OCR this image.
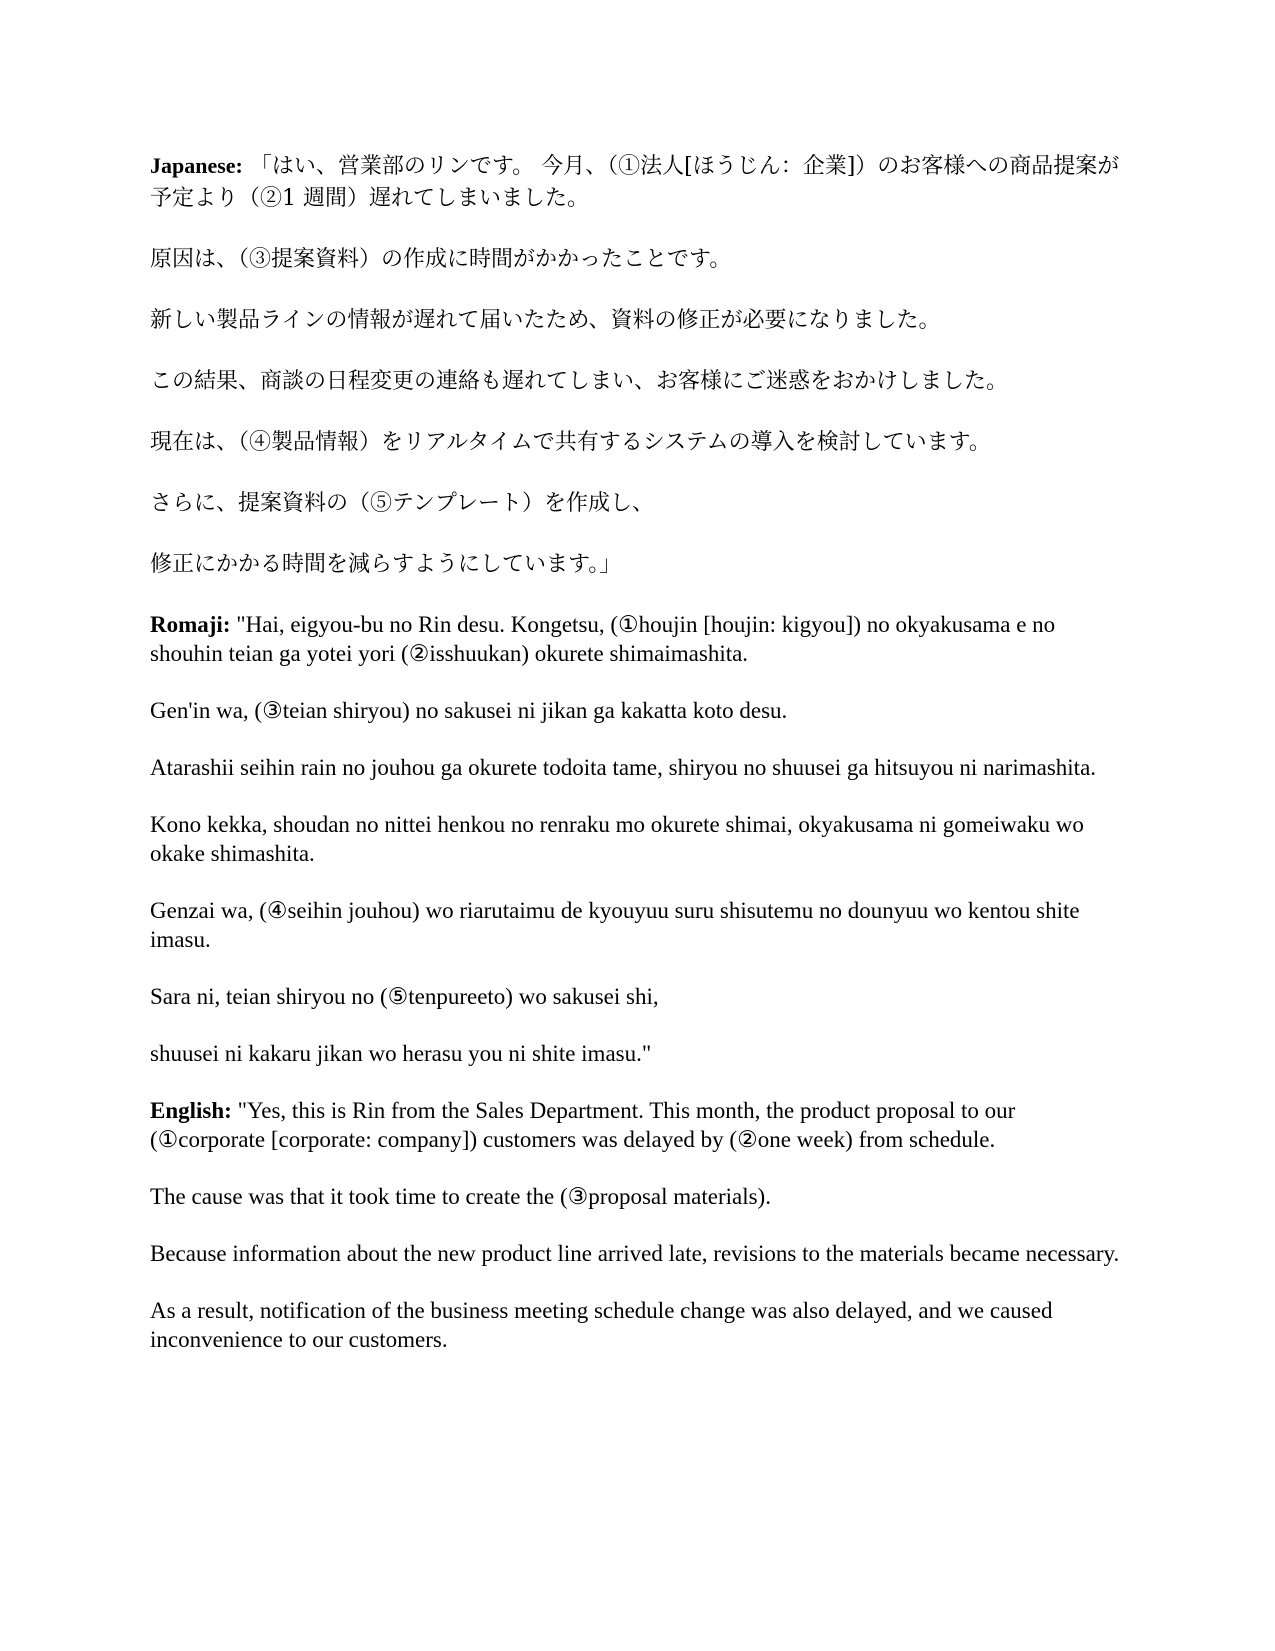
Japanese: 「はい、営業部のリンです。 今月、（①法人[ほうじん：企業]）のお客様への商品提案が予定より（②1 週間）遅れてしまいました。

原因は、（③提案資料）の作成に時間がかかったことです。

新しい製品ラインの情報が遅れて届いたため、資料の修正が必要になりました。

この結果、商談の日程変更の連絡も遅れてしまい、お客様にご迷惑をおかけしました。

現在は、（④製品情報）をリアルタイムで共有するシステムの導入を検討しています。

さらに、提案資料の（⑤テンプレート）を作成し、

修正にかかる時間を減らすようにしています。」

Romaji: "Hai, eigyou-bu no Rin desu. Kongetsu, (①houjin [houjin: kigyou]) no okyakusama e no shouhin teian ga yotei yori (②isshuukan) okurete shimaimashita.

Gen'in wa, (③teian shiryou) no sakusei ni jikan ga kakatta koto desu.

Atarashii seihin rain no jouhou ga okurete todoita tame, shiryou no shuusei ga hitsuyou ni narimashita.

Kono kekka, shoudan no nittei henkou no renraku mo okurete shimai, okyakusama ni gomeiwaku wo okake shimashita.

Genzai wa, (④seihin jouhou) wo riarutaimu de kyouyuu suru shisutemu no dounyuu wo kentou shite imasu.

Sara ni, teian shiryou no (⑤tenpureeto) wo sakusei shi,

shuusei ni kakaru jikan wo herasu you ni shite imasu."

English: "Yes, this is Rin from the Sales Department. This month, the product proposal to our (①corporate [corporate: company]) customers was delayed by (②one week) from schedule.

The cause was that it took time to create the (③proposal materials).

Because information about the new product line arrived late, revisions to the materials became necessary.

As a result, notification of the business meeting schedule change was also delayed, and we caused inconvenience to our customers.
